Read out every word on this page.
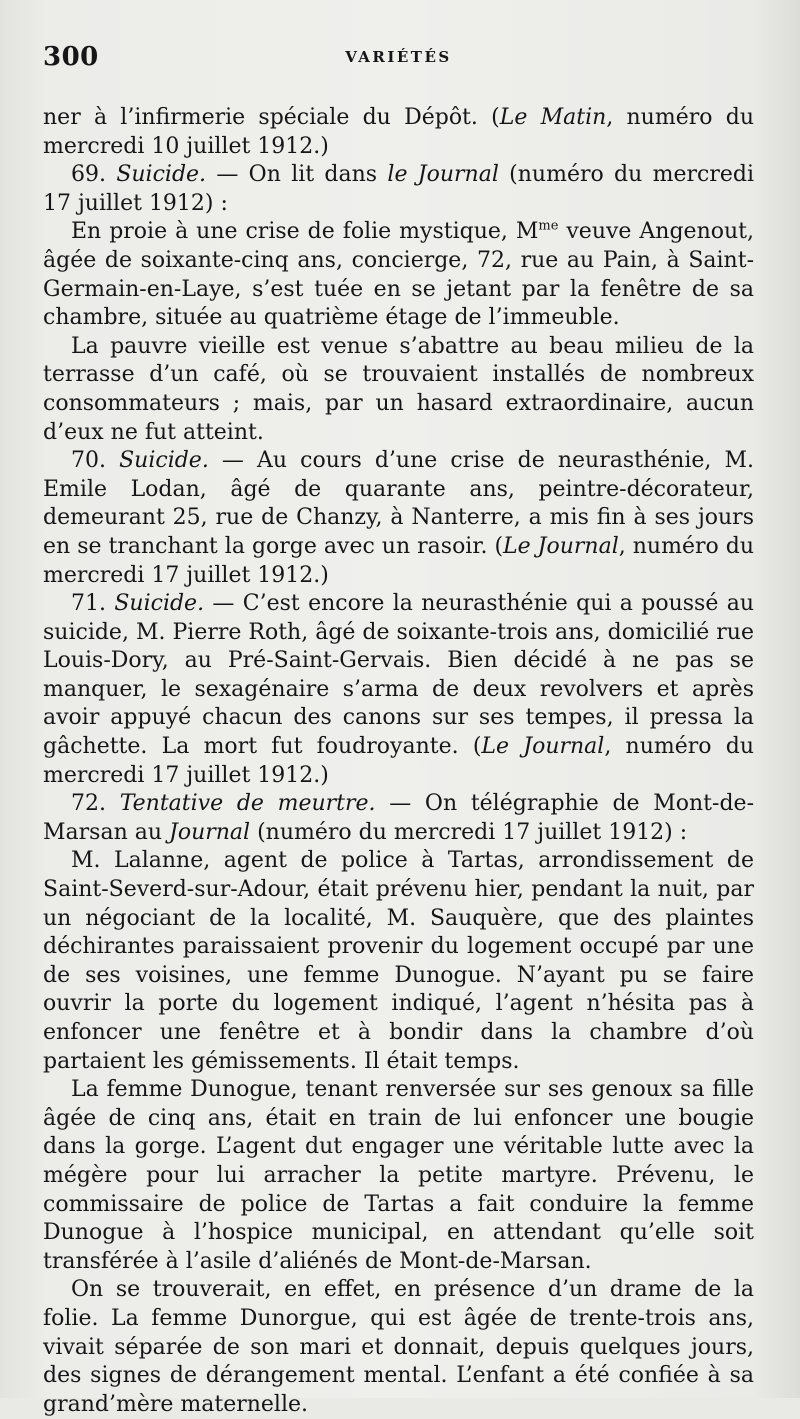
300	VARIÉTÉS

ner à l’infirmerie spéciale du Dépôt. (Le Matin, numéro du mercredi 10 juillet 1912.)

69. Suicide. — On lit dans le Journal (numéro du mercredi 17 juillet 1912) :

En proie à une crise de folie mystique, $M^{me}$ veuve Angenout, âgée de soixante-cinq ans, concierge, 72, rue au Pain, à Saint-Germain-en-Laye, s’est tuée en se jetant par la fenêtre de sa chambre, située au quatrième étage de l’immeuble.

La pauvre vieille est venue s’abattre au beau milieu de la terrasse d’un café, où se trouvaient installés de nombreux consommateurs ; mais, par un hasard extraordinaire, aucun d’eux ne fut atteint.

70. Suicide. — Au cours d’une crise de neurasthénie, M. Emile Lodan, âgé de quarante ans, peintre-décorateur, demeurant 25, rue de Chanzy, à Nanterre, a mis fin à ses jours en se tranchant la gorge avec un rasoir. (Le Journal, numéro du mercredi 17 juillet 1912.)

71. Suicide. — C’est encore la neurasthénie qui a poussé au suicide, M. Pierre Roth, âgé de soixante-trois ans, domicilié rue Louis-Dory, au Pré-Saint-Gervais. Bien décidé à ne pas se manquer, le sexagénaire s’arma de deux revolvers et après avoir appuyé chacun des canons sur ses tempes, il pressa la gâchette. La mort fut foudroyante. (Le Journal, numéro du mercredi 17 juillet 1912.)

72. Tentative de meurtre. — On télégraphie de Mont-de-Marsan au Journal (numéro du mercredi 17 juillet 1912) :

M. Lalanne, agent de police à Tartas, arrondissement de Saint-Severd-sur-Adour, était prévenu hier, pendant la nuit, par un négociant de la localité, M. Sauquère, que des plaintes déchirantes paraissaient provenir du logement occupé par une de ses voisines, une femme Dunogue. N’ayant pu se faire ouvrir la porte du logement indiqué, l’agent n’hésita pas à enfoncer une fenêtre et à bondir dans la chambre d’où partaient les gémissements. Il était temps.

La femme Dunogue, tenant renversée sur ses genoux sa fille âgée de cinq ans, était en train de lui enfoncer une bougie dans la gorge. L’agent dut engager une véritable lutte avec la mégère pour lui arracher la petite martyre. Prévenu, le commissaire de police de Tartas a fait conduire la femme Dunogue à l’hospice municipal, en attendant qu’elle soit transférée à l’asile d’aliénés de Mont-de-Marsan.

On se trouverait, en effet, en présence d’un drame de la folie. La femme Dunorgue, qui est âgée de trente-trois ans, vivait séparée de son mari et donnait, depuis quelques jours, des signes de dérangement mental. L’enfant a été confiée à sa grand’mère maternelle.
